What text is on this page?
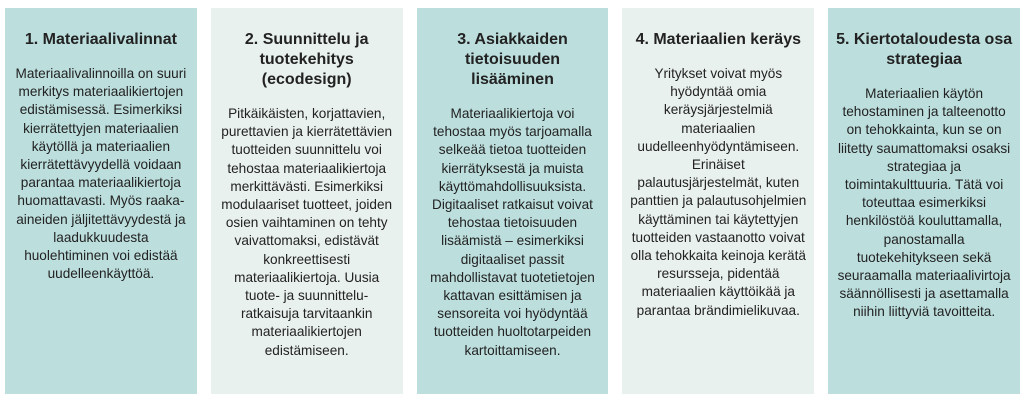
1. Materiaalivalinnat

Materiaalivalinnoilla on suuri merkitys materiaalikiertojen edistämisessä. Esimerkiksi kierrätettyjen materiaalien käytöllä ja materiaalien kierrätettävyydellä voidaan parantaa materiaalikiertoja huomattavasti. Myös raaka-aineiden jäljitettävyydestä ja laadukkuudesta huolehtiminen voi edistää uudelleenkäyttöä.

2. Suunnittelu ja tuotekehitys (ecodesign)

Pitkäikäisten, korjattavien, purettavien ja kierrätettävien tuotteiden suunnittelu voi tehostaa materiaalikiertoja merkittävästi. Esimerkiksi modulaariset tuotteet, joiden osien vaihtaminen on tehty vaivattomaksi, edistävät konkreettisesti materiaalikiertoja. Uusia tuote- ja suunnittelu-ratkaisuja tarvitaankin materiaalikiertojen edistämiseen.

3. Asiakkaiden tietoisuuden lisääminen

Materiaalikiertoja voi tehostaa myös tarjoamalla selkeää tietoa tuotteiden kierrätyksestä ja muista käyttömahdollisuuksista. Digitaaliset ratkaisut voivat tehostaa tietoisuuden lisäämistä – esimerkiksi digitaaliset passit mahdollistavat tuotetietojen kattavan esittämisen ja sensoreita voi hyödyntää tuotteiden huoltotarpeiden kartoittamiseen.

4. Materiaalien keräys

Yritykset voivat myös hyödyntää omia keräysjärjestelmiä materiaalien uudelleenhyödyntämiseen. Erinäiset palautusjärjestelmät, kuten panttien ja palautusohjelmien käyttäminen tai käytettyjen tuotteiden vastaanotto voivat olla tehokkaita keinoja kerätä resursseja, pidentää materiaalien käyttöikää ja parantaa brändimielikuvaa.

5. Kiertotaloudesta osa strategiaa

Materiaalien käytön tehostaminen ja talteenotto on tehokkainta, kun se on liitetty saumattomaksi osaksi strategiaa ja toimintakulttuuria. Tätä voi toteuttaa esimerkiksi henkilöstöä kouluttamalla, panostamalla tuotekehitykseen sekä seuraamalla materiaalivirtoja säännöllisesti ja asettamalla niihin liittyviä tavoitteita.
